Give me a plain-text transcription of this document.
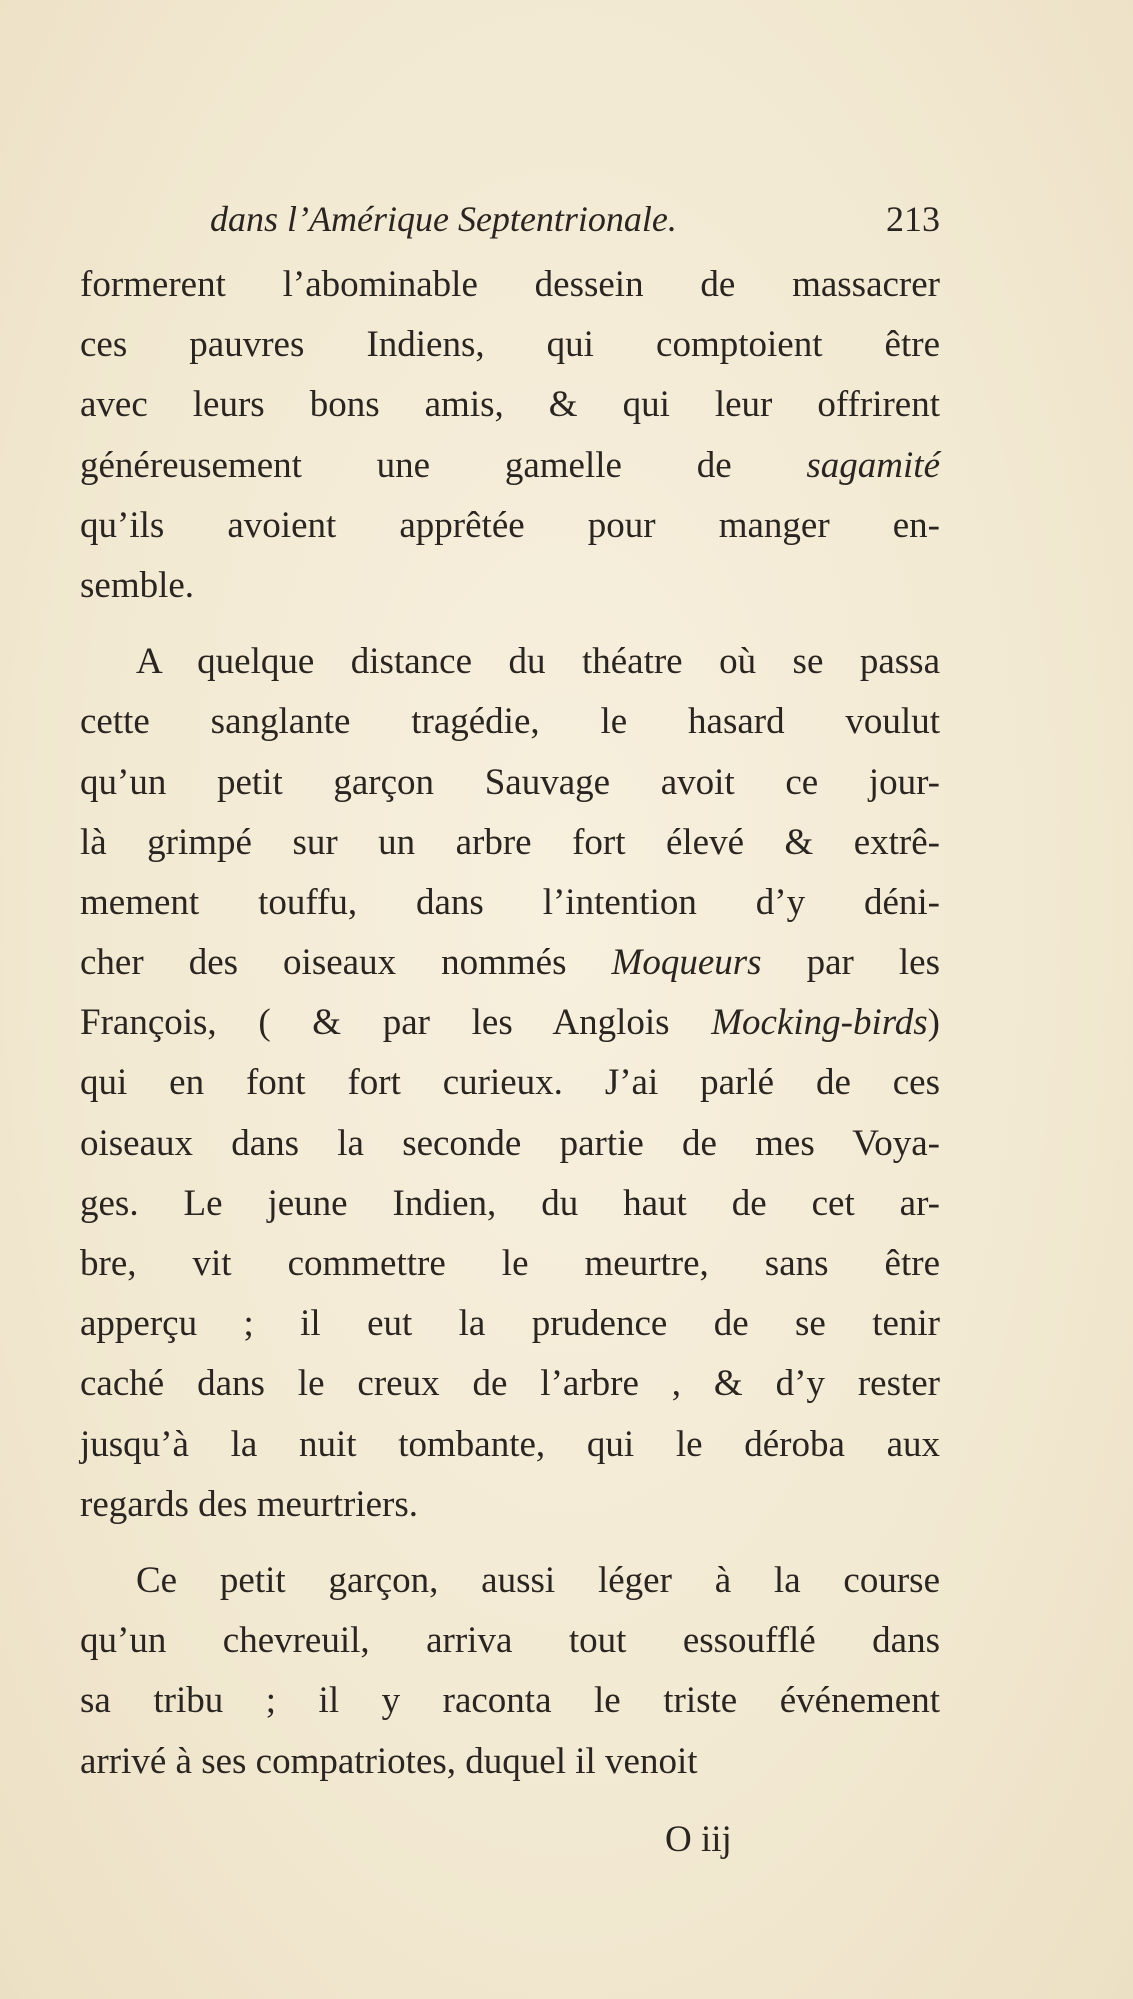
dans l’Amérique Septentrionale.	213
formerent l’abominable dessein de massacrer
ces pauvres Indiens, qui comptoient être
avec leurs bons amis, & qui leur offrirent
généreusement une gamelle de sagamité
qu’ils avoient apprêtée pour manger en-
semble.
A quelque distance du théatre où se passa
cette sanglante tragédie, le hasard voulut
qu’un petit garçon Sauvage avoit ce jour-
là grimpé sur un arbre fort élevé & extrê-
mement touffu, dans l’intention d’y déni-
cher des oiseaux nommés Moqueurs par les
François, ( & par les Anglois Mocking-birds)
qui en font fort curieux. J’ai parlé de ces
oiseaux dans la seconde partie de mes Voya-
ges. Le jeune Indien, du haut de cet ar-
bre, vit commettre le meurtre, sans être
apperçu ; il eut la prudence de se tenir
caché dans le creux de l’arbre , & d’y rester
jusqu’à la nuit tombante, qui le déroba aux
regards des meurtriers.
Ce petit garçon, aussi léger à la course
qu’un chevreuil, arriva tout essoufflé dans
sa tribu ; il y raconta le triste événement
arrivé à ses compatriotes, duquel il venoit
O iij
